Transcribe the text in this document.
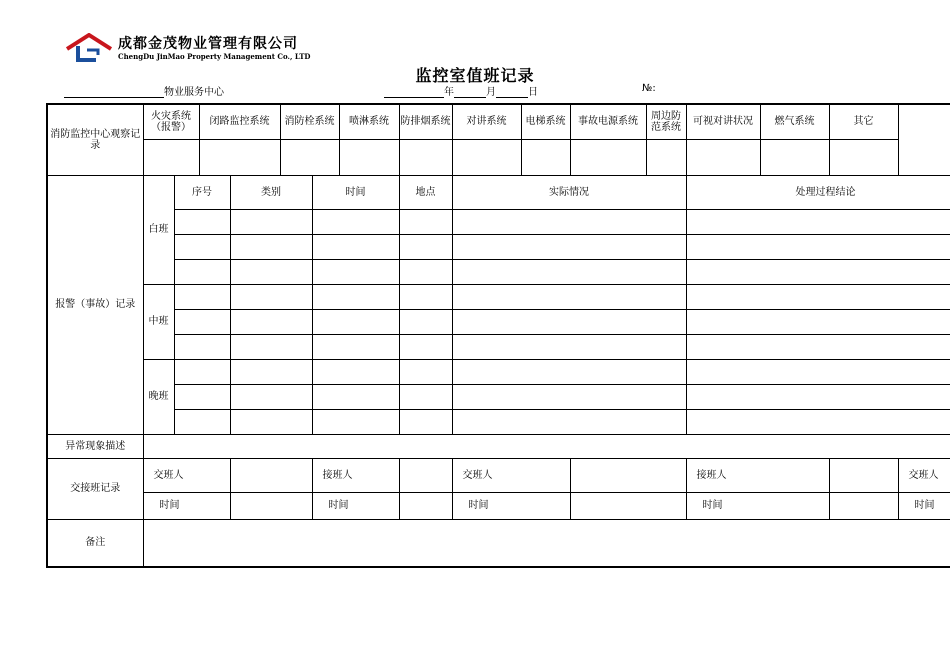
成都金茂物业管理有限公司
ChengDu JinMao Property Management Co., LTD
监控室值班记录
物业服务中心	年	月	日	№:
消防监控中心观察记录	火灾系统（报警）		闭路监控系统		消防栓系统		喷淋系统	防排烟系统	对讲系统	电梯系统	事故电源系统	周边防范系统	可视对讲状况	燃气系统	其它		

报警（事故）记录	白班	序号		类别		时间		地点	实际情况				处理过程结论	

	中班																

	晚班																

异常现象描述																	
交接班记录	交班人					接班人			交班人				接班人			交班人			
	时间					时间			时间				时间			时间			
备注																	
